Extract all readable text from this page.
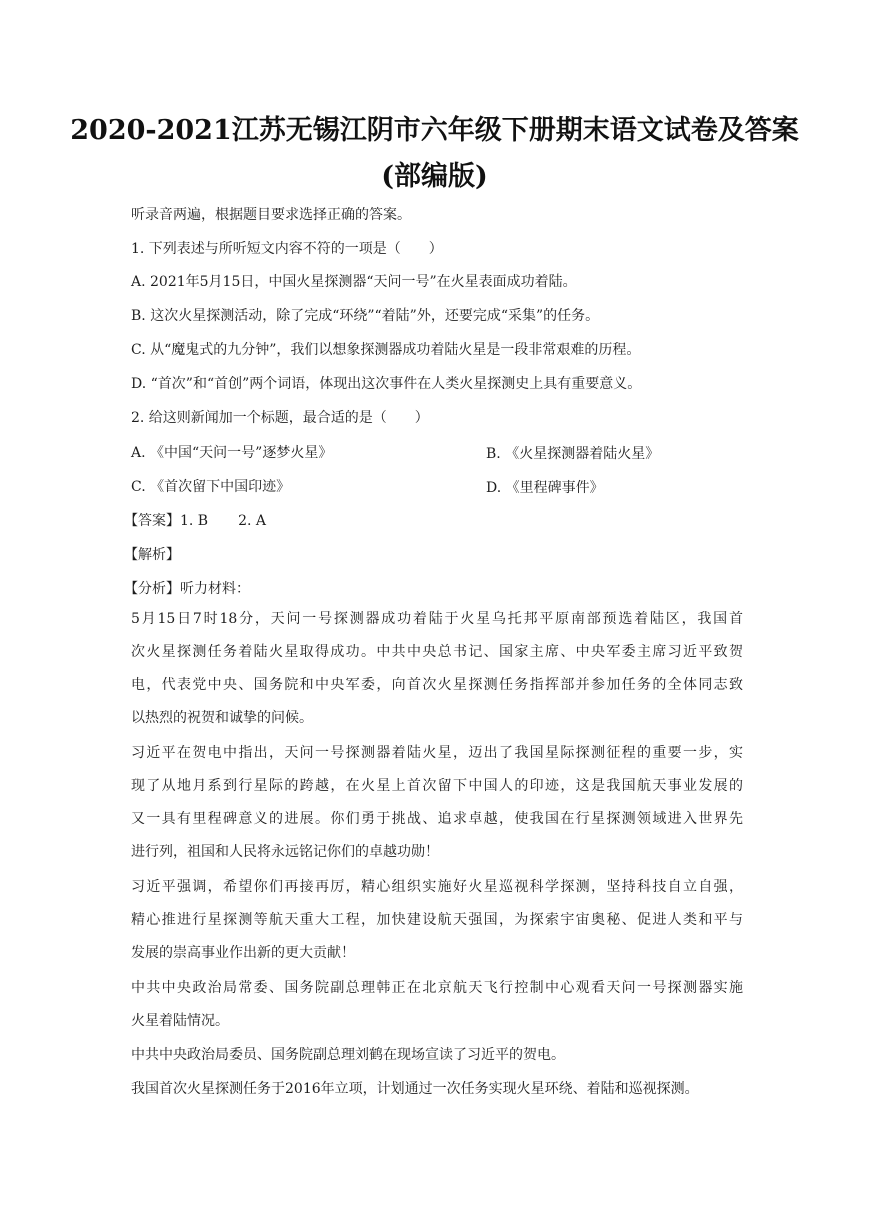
2020-2021江苏无锡江阴市六年级下册期末语文试卷及答案
(部编版)
听录音两遍，根据题目要求选择正确的答案。
1. 下列表述与所听短文内容不符的一项是（　　）
A. 2021年5月15日，中国火星探测器“天问一号”在火星表面成功着陆。
B. 这次火星探测活动，除了完成“环绕”“着陆”外，还要完成“采集”的任务。
C. 从“魔鬼式的九分钟”，我们以想象探测器成功着陆火星是一段非常艰难的历程。
D. “首次”和“首创”两个词语，体现出这次事件在人类火星探测史上具有重要意义。
2. 给这则新闻加一个标题，最合适的是（　　）
A. 《中国“天问一号”逐梦火星》	B. 《火星探测器着陆火星》
C. 《首次留下中国印迹》	D. 《里程碑事件》
【答案】1. B 2. A
【解析】
【分析】听力材料：
5月15日7时18分，天问一号探测器成功着陆于火星乌托邦平原南部预选着陆区，我国首
次火星探测任务着陆火星取得成功。中共中央总书记、国家主席、中央军委主席习近平致贺
电，代表党中央、国务院和中央军委，向首次火星探测任务指挥部并参加任务的全体同志致
以热烈的祝贺和诚挚的问候。
习近平在贺电中指出，天问一号探测器着陆火星，迈出了我国星际探测征程的重要一步，实
现了从地月系到行星际的跨越，在火星上首次留下中国人的印迹，这是我国航天事业发展的
又一具有里程碑意义的进展。你们勇于挑战、追求卓越，使我国在行星探测领域进入世界先
进行列，祖国和人民将永远铭记你们的卓越功勋！
习近平强调，希望你们再接再厉，精心组织实施好火星巡视科学探测，坚持科技自立自强，
精心推进行星探测等航天重大工程，加快建设航天强国，为探索宇宙奥秘、促进人类和平与
发展的崇高事业作出新的更大贡献！
中共中央政治局常委、国务院副总理韩正在北京航天飞行控制中心观看天问一号探测器实施
火星着陆情况。
中共中央政治局委员、国务院副总理刘鹤在现场宣读了习近平的贺电。
我国首次火星探测任务于2016年立项，计划通过一次任务实现火星环绕、着陆和巡视探测。
